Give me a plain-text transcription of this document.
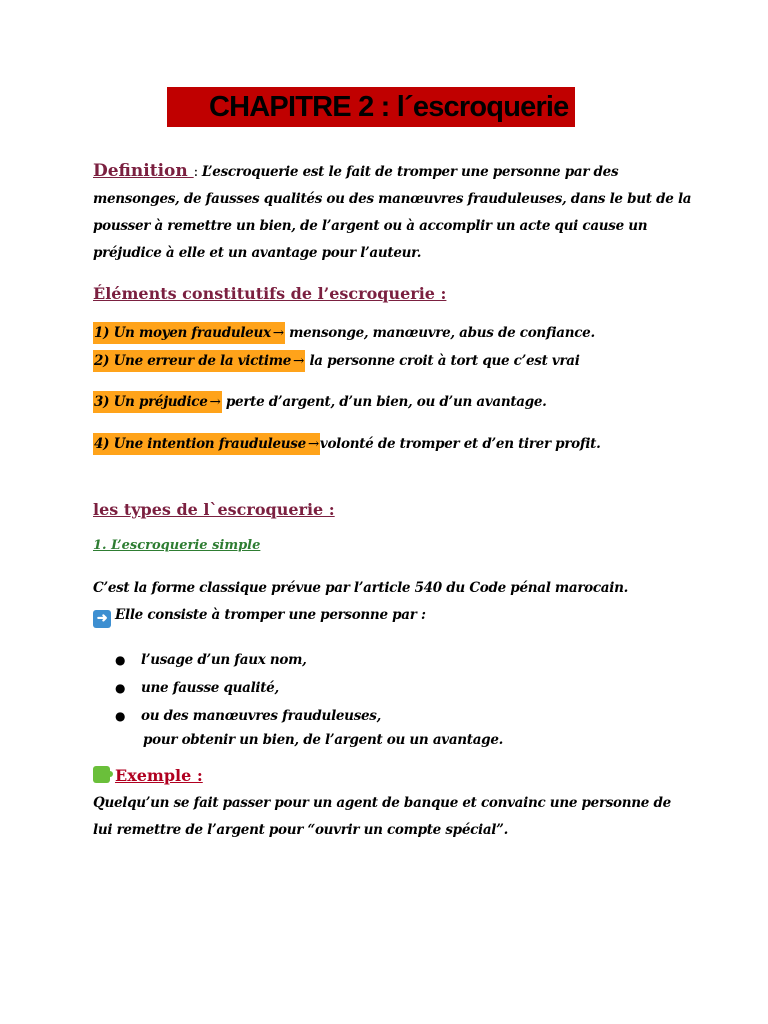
CHAPITRE 2 : l´escroquerie
Definition : L’escroquerie est le fait de tromper une personne par des mensonges, de fausses qualités ou des manœuvres frauduleuses, dans le but de la pousser à remettre un bien, de l’argent ou à accomplir un acte qui cause un préjudice à elle et un avantage pour l’auteur.
Éléments constitutifs de l’escroquerie :
1) Un moyen frauduleux → mensonge, manœuvre, abus de confiance.
2) Une erreur de la victime → la personne croit à tort que c’est vrai
3) Un préjudice → perte d’argent, d’un bien, ou d’un avantage.
4) Une intention frauduleuse →volonté de tromper et d’en tirer profit.
les types de l`escroquerie :
1. L’escroquerie simple
C’est la forme classique prévue par l’article 540 du Code pénal marocain.
➜ Elle consiste à tromper une personne par :
● l’usage d’un faux nom,
● une fausse qualité,
● ou des manœuvres frauduleuses,
pour obtenir un bien, de l’argent ou un avantage.
Exemple :
Quelqu’un se fait passer pour un agent de banque et convainc une personne de lui remettre de l’argent pour “ouvrir un compte spécial”.
